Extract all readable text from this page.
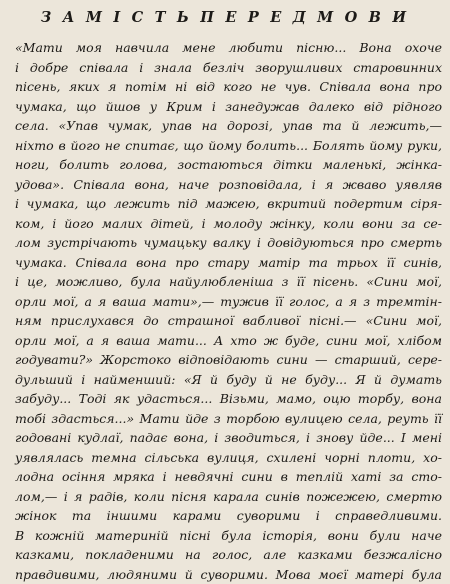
З А М І С Т Ь П Е Р Е Д М О В И
«Мати моя навчила мене любити пісню... Вона охоче
і добре співала і знала безліч зворушливих старовинних
пісень, яких я потім ні від кого не чув. Співала вона про
чумака, що йшов у Крим і занедужав далеко від рідного
села. «Упав чумак, упав на дорозі, упав та й лежить,—
ніхто в його не спитає, що йому болить... Болять йому руки,
ноги, болить голова, зостаються дітки маленькі, жінка-
удова». Співала вона, наче розповідала, і я жваво уявляв
і чумака, що лежить під мажею, вкритий подертим сіря-
ком, і його малих дітей, і молоду жінку, коли вони за се-
лом зустрічають чумацьку валку і довідуються про смерть
чумака. Співала вона про стару матір та трьох її синів,
і це, можливо, була найулюбленіша з її пісень. «Сини мої,
орли мої, а я ваша мати»,— тужив її голос, а я з тремтін-
ням прислухався до страшної вабливої пісні.— «Сини мої,
орли мої, а я ваша мати... А хто ж буде, сини мої, хлібом
годувати?» Жорстоко відповідають сини — старший, сере-
дульший і найменший: «Я й буду й не буду... Я й думать
забуду... Тоді як удасться... Візьми, мамо, оцю торбу, вона
тобі здасться...» Мати йде з торбою вулицею села, реуть її
годовані кудлаї, падає вона, і зводиться, і знову йде... І мені
уявлялась темна сільська вулиця, схилені чорні плоти, хо-
лодна осіння мряка і невдячні сини в теплій хаті за сто-
лом,— і я радів, коли пісня карала синів пожежею, смертю
жінок та іншими карами суворими і справедливими.
В кожній материній пісні була історія, вони були наче
казками, покладеними на голос, але казками безжалісно
правдивими, людяними й суворими. Мова моєї матері була
